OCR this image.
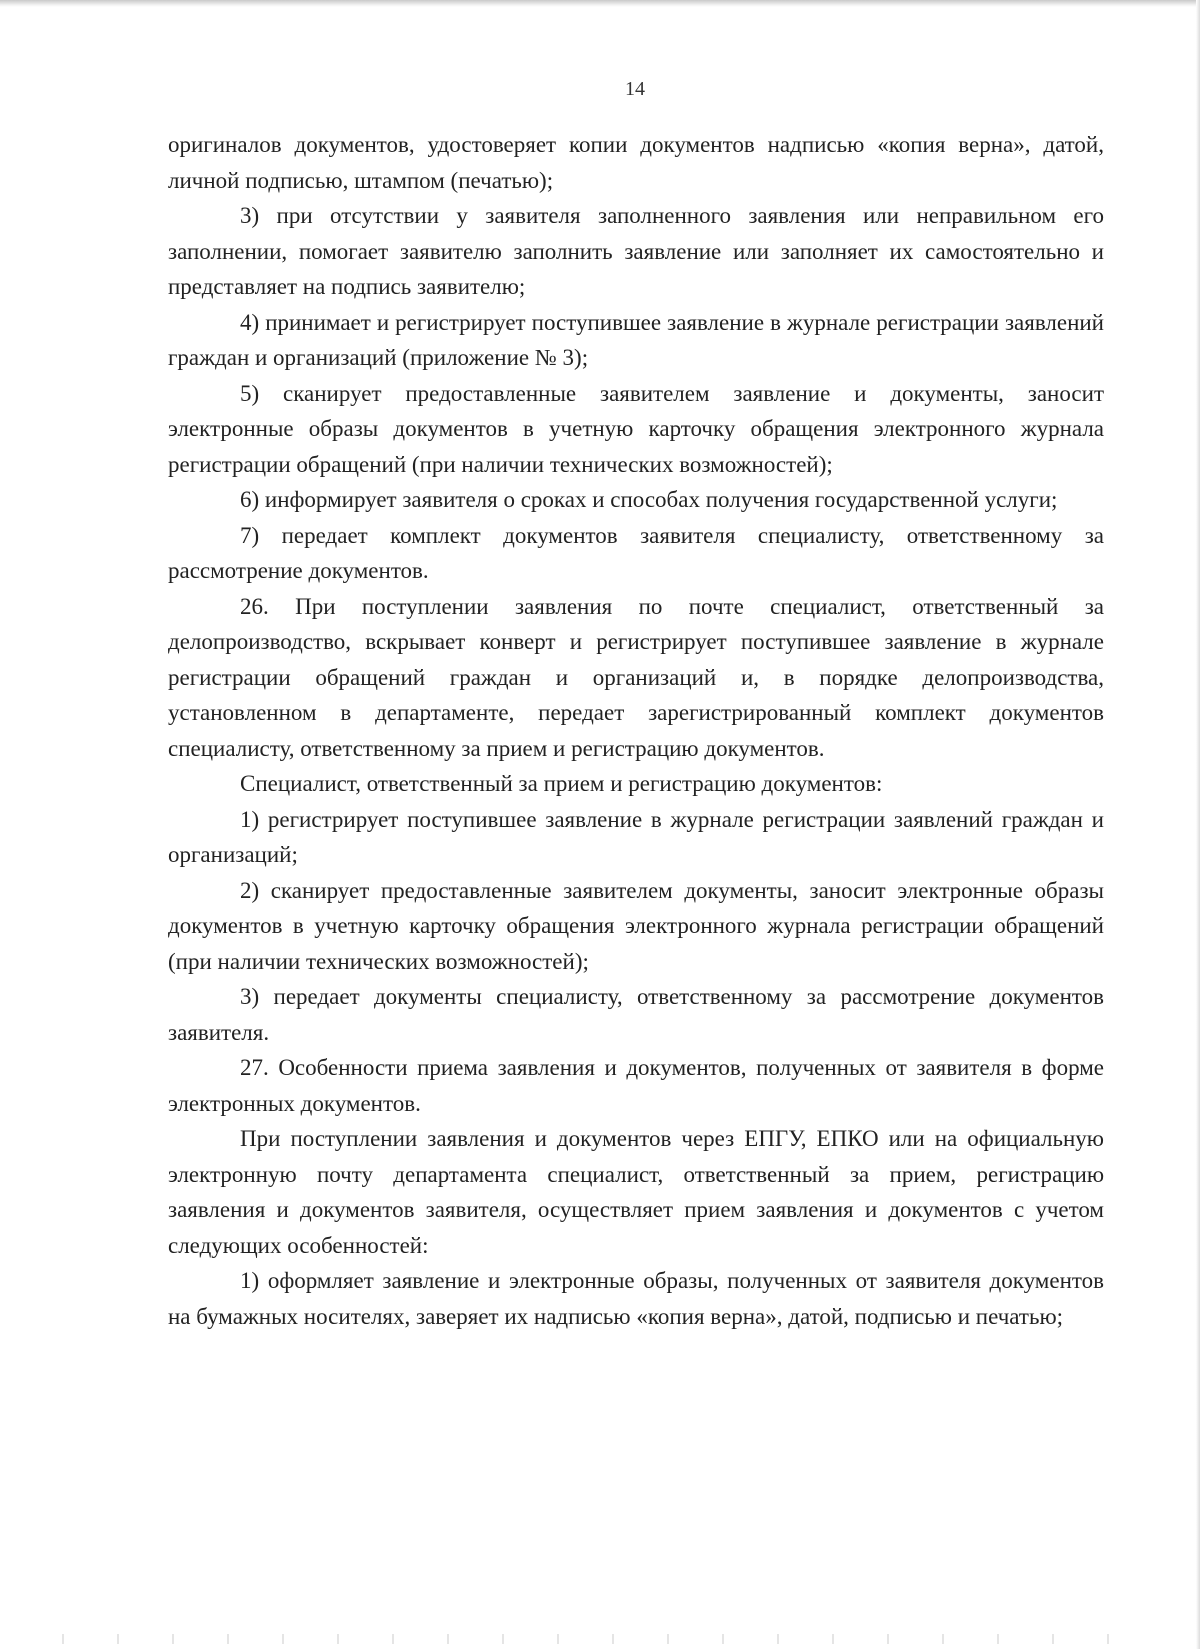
14

оригиналов документов, удостоверяет копии документов надписью «копия верна», датой, личной подписью, штампом (печатью);

3) при отсутствии у заявителя заполненного заявления или неправильном его заполнении, помогает заявителю заполнить заявление или заполняет их самостоятельно и представляет на подпись заявителю;

4) принимает и регистрирует поступившее заявление в журнале регистрации заявлений граждан и организаций (приложение № 3);

5) сканирует предоставленные заявителем заявление и документы, заносит электронные образы документов в учетную карточку обращения электронного журнала регистрации обращений (при наличии технических возможностей);

6) информирует заявителя о сроках и способах получения государственной услуги;

7) передает комплект документов заявителя специалисту, ответственному за рассмотрение документов.

26. При поступлении заявления по почте специалист, ответственный за делопроизводство, вскрывает конверт и регистрирует поступившее заявление в журнале регистрации обращений граждан и организаций и, в порядке делопроизводства, установленном в департаменте, передает зарегистрированный комплект документов специалисту, ответственному за прием и регистрацию документов.

Специалист, ответственный за прием и регистрацию документов:

1) регистрирует поступившее заявление в журнале регистрации заявлений граждан и организаций;

2) сканирует предоставленные заявителем документы, заносит электронные образы документов в учетную карточку обращения электронного журнала регистрации обращений (при наличии технических возможностей);

3) передает документы специалисту, ответственному за рассмотрение документов заявителя.

27. Особенности приема заявления и документов, полученных от заявителя в форме электронных документов.

При поступлении заявления и документов через ЕПГУ, ЕПКО или на официальную электронную почту департамента специалист, ответственный за прием, регистрацию заявления и документов заявителя, осуществляет прием заявления и документов с учетом следующих особенностей:

1) оформляет заявление и электронные образы, полученных от заявителя документов на бумажных носителях, заверяет их надписью «копия верна», датой, подписью и печатью;
